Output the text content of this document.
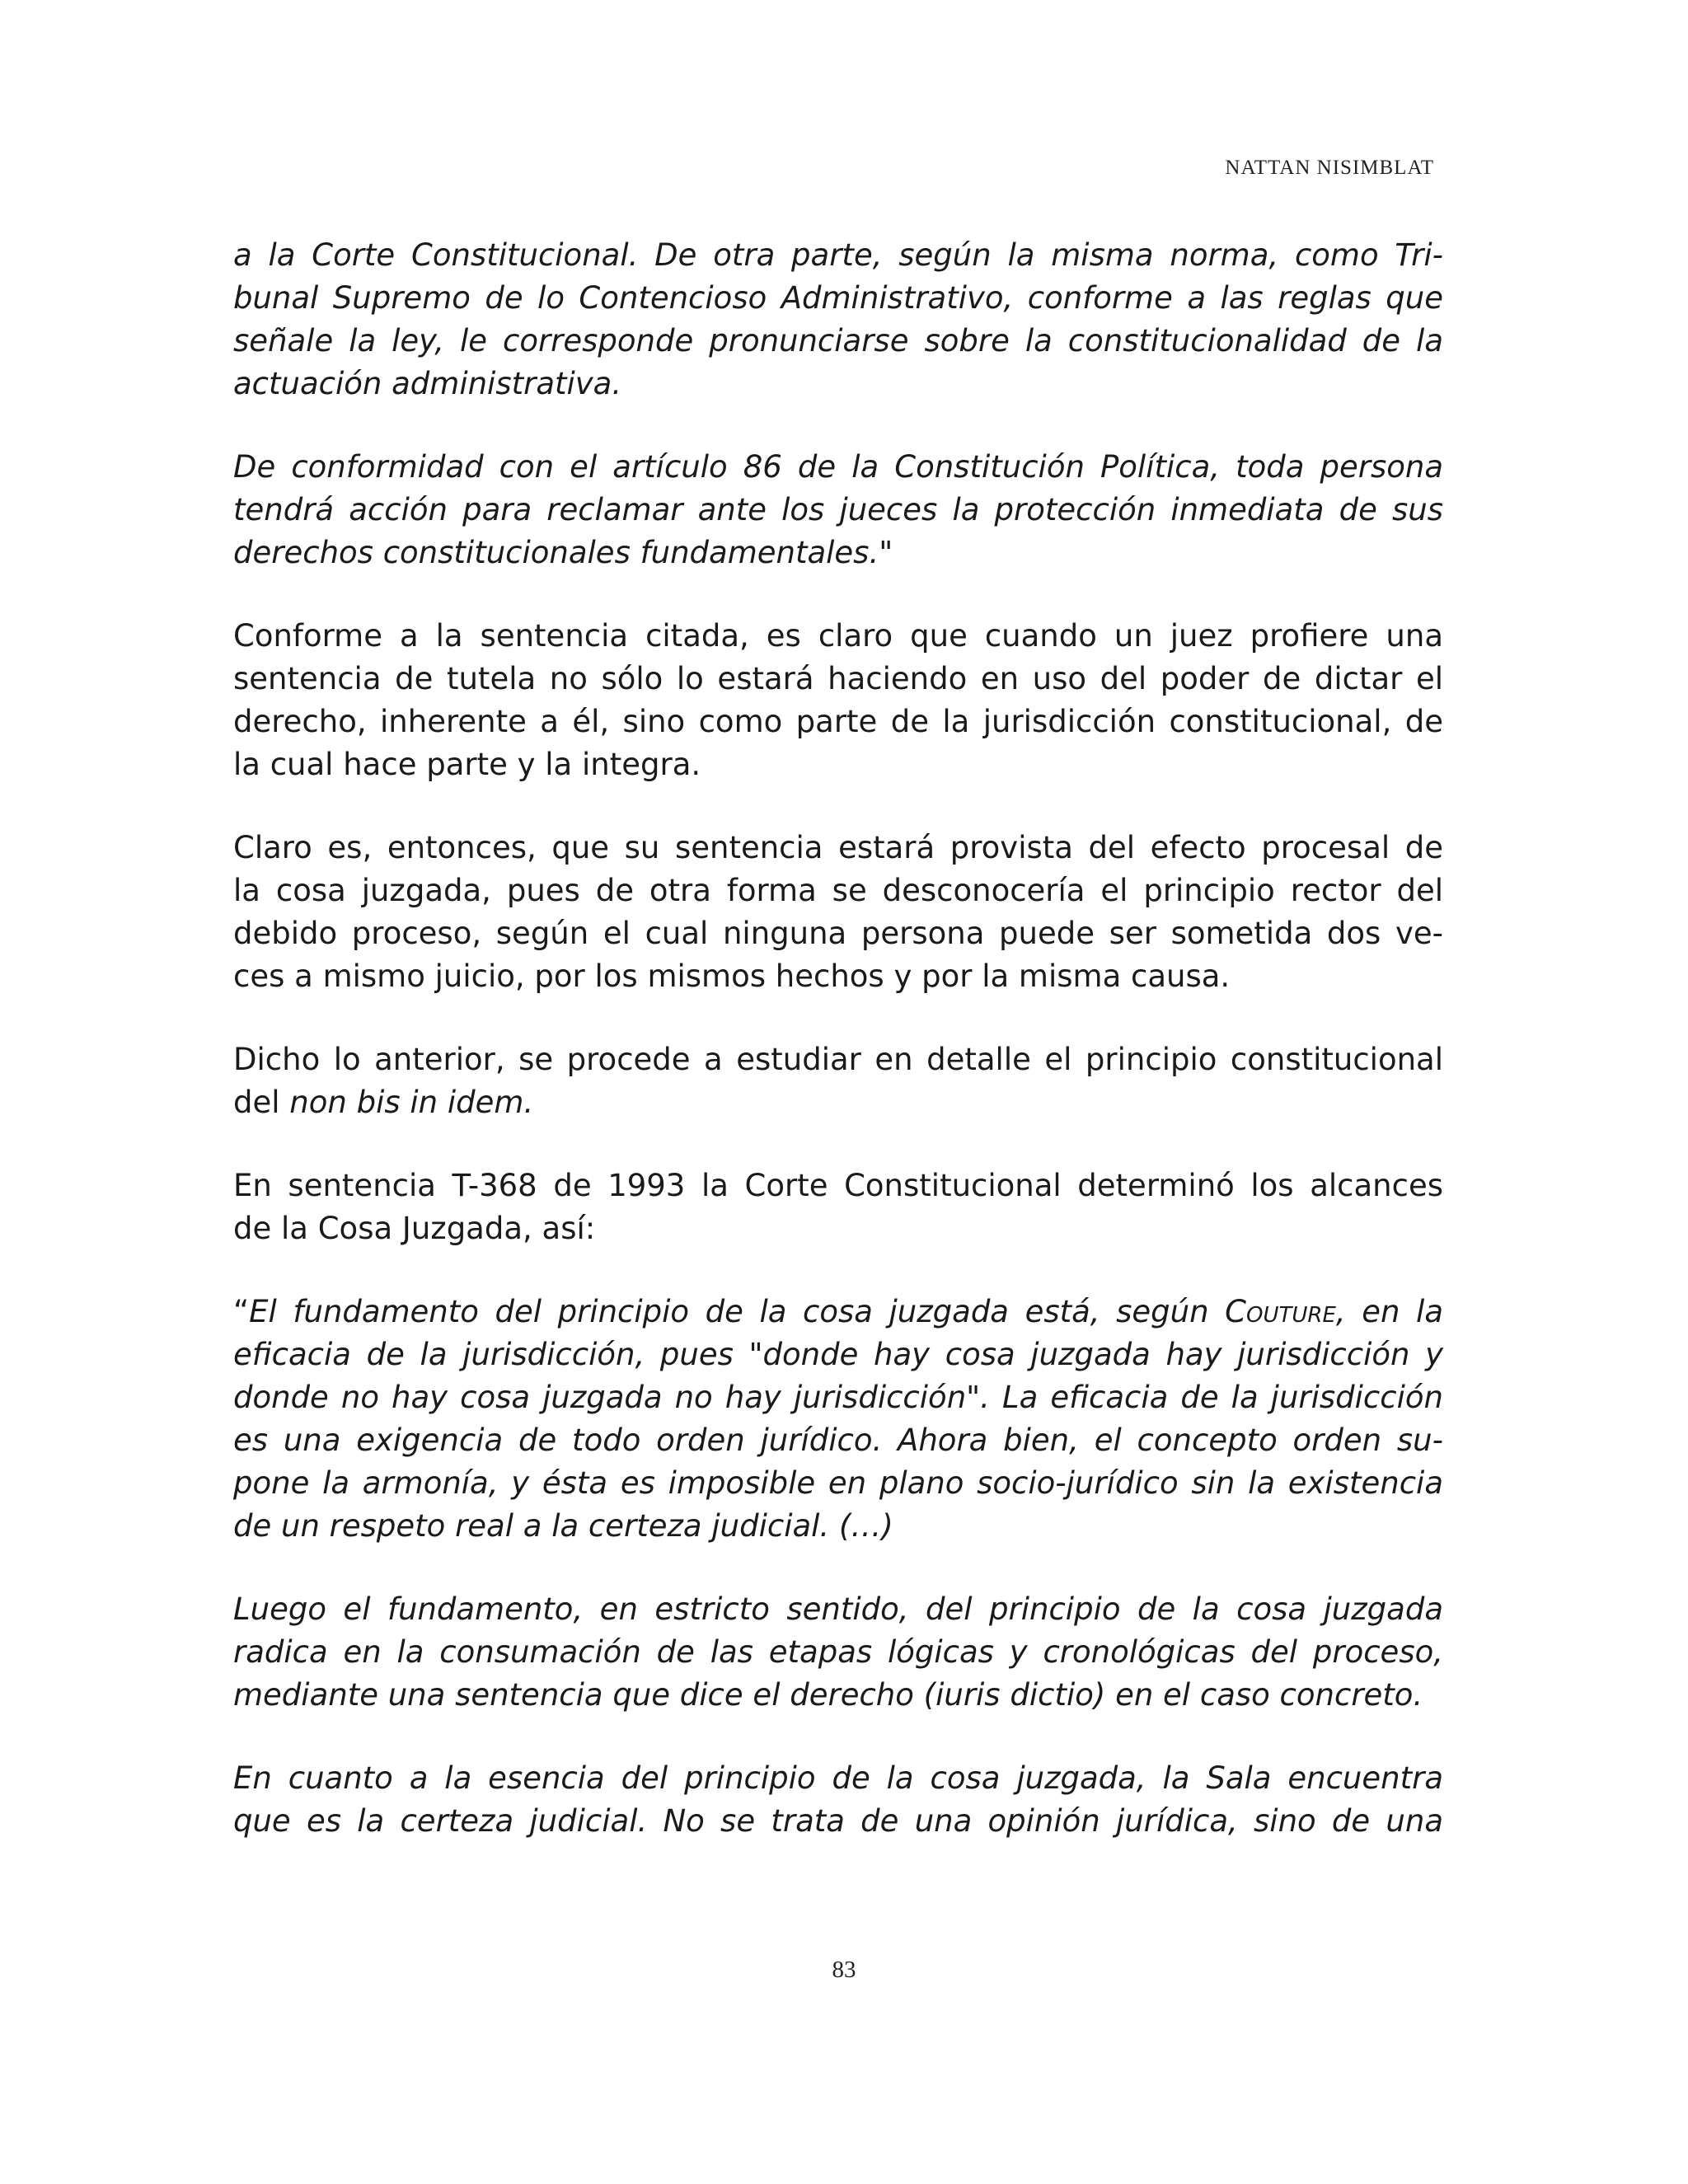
NATTAN NISIMBLAT
a la Corte Constitucional. De otra parte, según la misma norma, como Tri-
bunal Supremo de lo Contencioso Administrativo, conforme a las reglas que
señale la ley, le corresponde pronunciarse sobre la constitucionalidad de la
actuación administrativa.
De conformidad con el artículo 86 de la Constitución Política, toda persona
tendrá acción para reclamar ante los jueces la protección inmediata de sus
derechos constitucionales fundamentales."
Conforme a la sentencia citada, es claro que cuando un juez profiere una
sentencia de tutela no sólo lo estará haciendo en uso del poder de dictar el
derecho, inherente a él, sino como parte de la jurisdicción constitucional, de
la cual hace parte y la integra.
Claro es, entonces, que su sentencia estará provista del efecto procesal de
la cosa juzgada, pues de otra forma se desconocería el principio rector del
debido proceso, según el cual ninguna persona puede ser sometida dos ve-
ces a mismo juicio, por los mismos hechos y por la misma causa.
Dicho lo anterior, se procede a estudiar en detalle el principio constitucional
del non bis in idem.
En sentencia T-368 de 1993 la Corte Constitucional determinó los alcances
de la Cosa Juzgada, así:
“El fundamento del principio de la cosa juzgada está, según Couture, en la
eficacia de la jurisdicción, pues "donde hay cosa juzgada hay jurisdicción y
donde no hay cosa juzgada no hay jurisdicción". La eficacia de la jurisdicción
es una exigencia de todo orden jurídico. Ahora bien, el concepto orden su-
pone la armonía, y ésta es imposible en plano socio-jurídico sin la existencia
de un respeto real a la certeza judicial. (…)
Luego el fundamento, en estricto sentido, del principio de la cosa juzgada
radica en la consumación de las etapas lógicas y cronológicas del proceso,
mediante una sentencia que dice el derecho (iuris dictio) en el caso concreto.
En cuanto a la esencia del principio de la cosa juzgada, la Sala encuentra
que es la certeza judicial. No se trata de una opinión jurídica, sino de una
83
